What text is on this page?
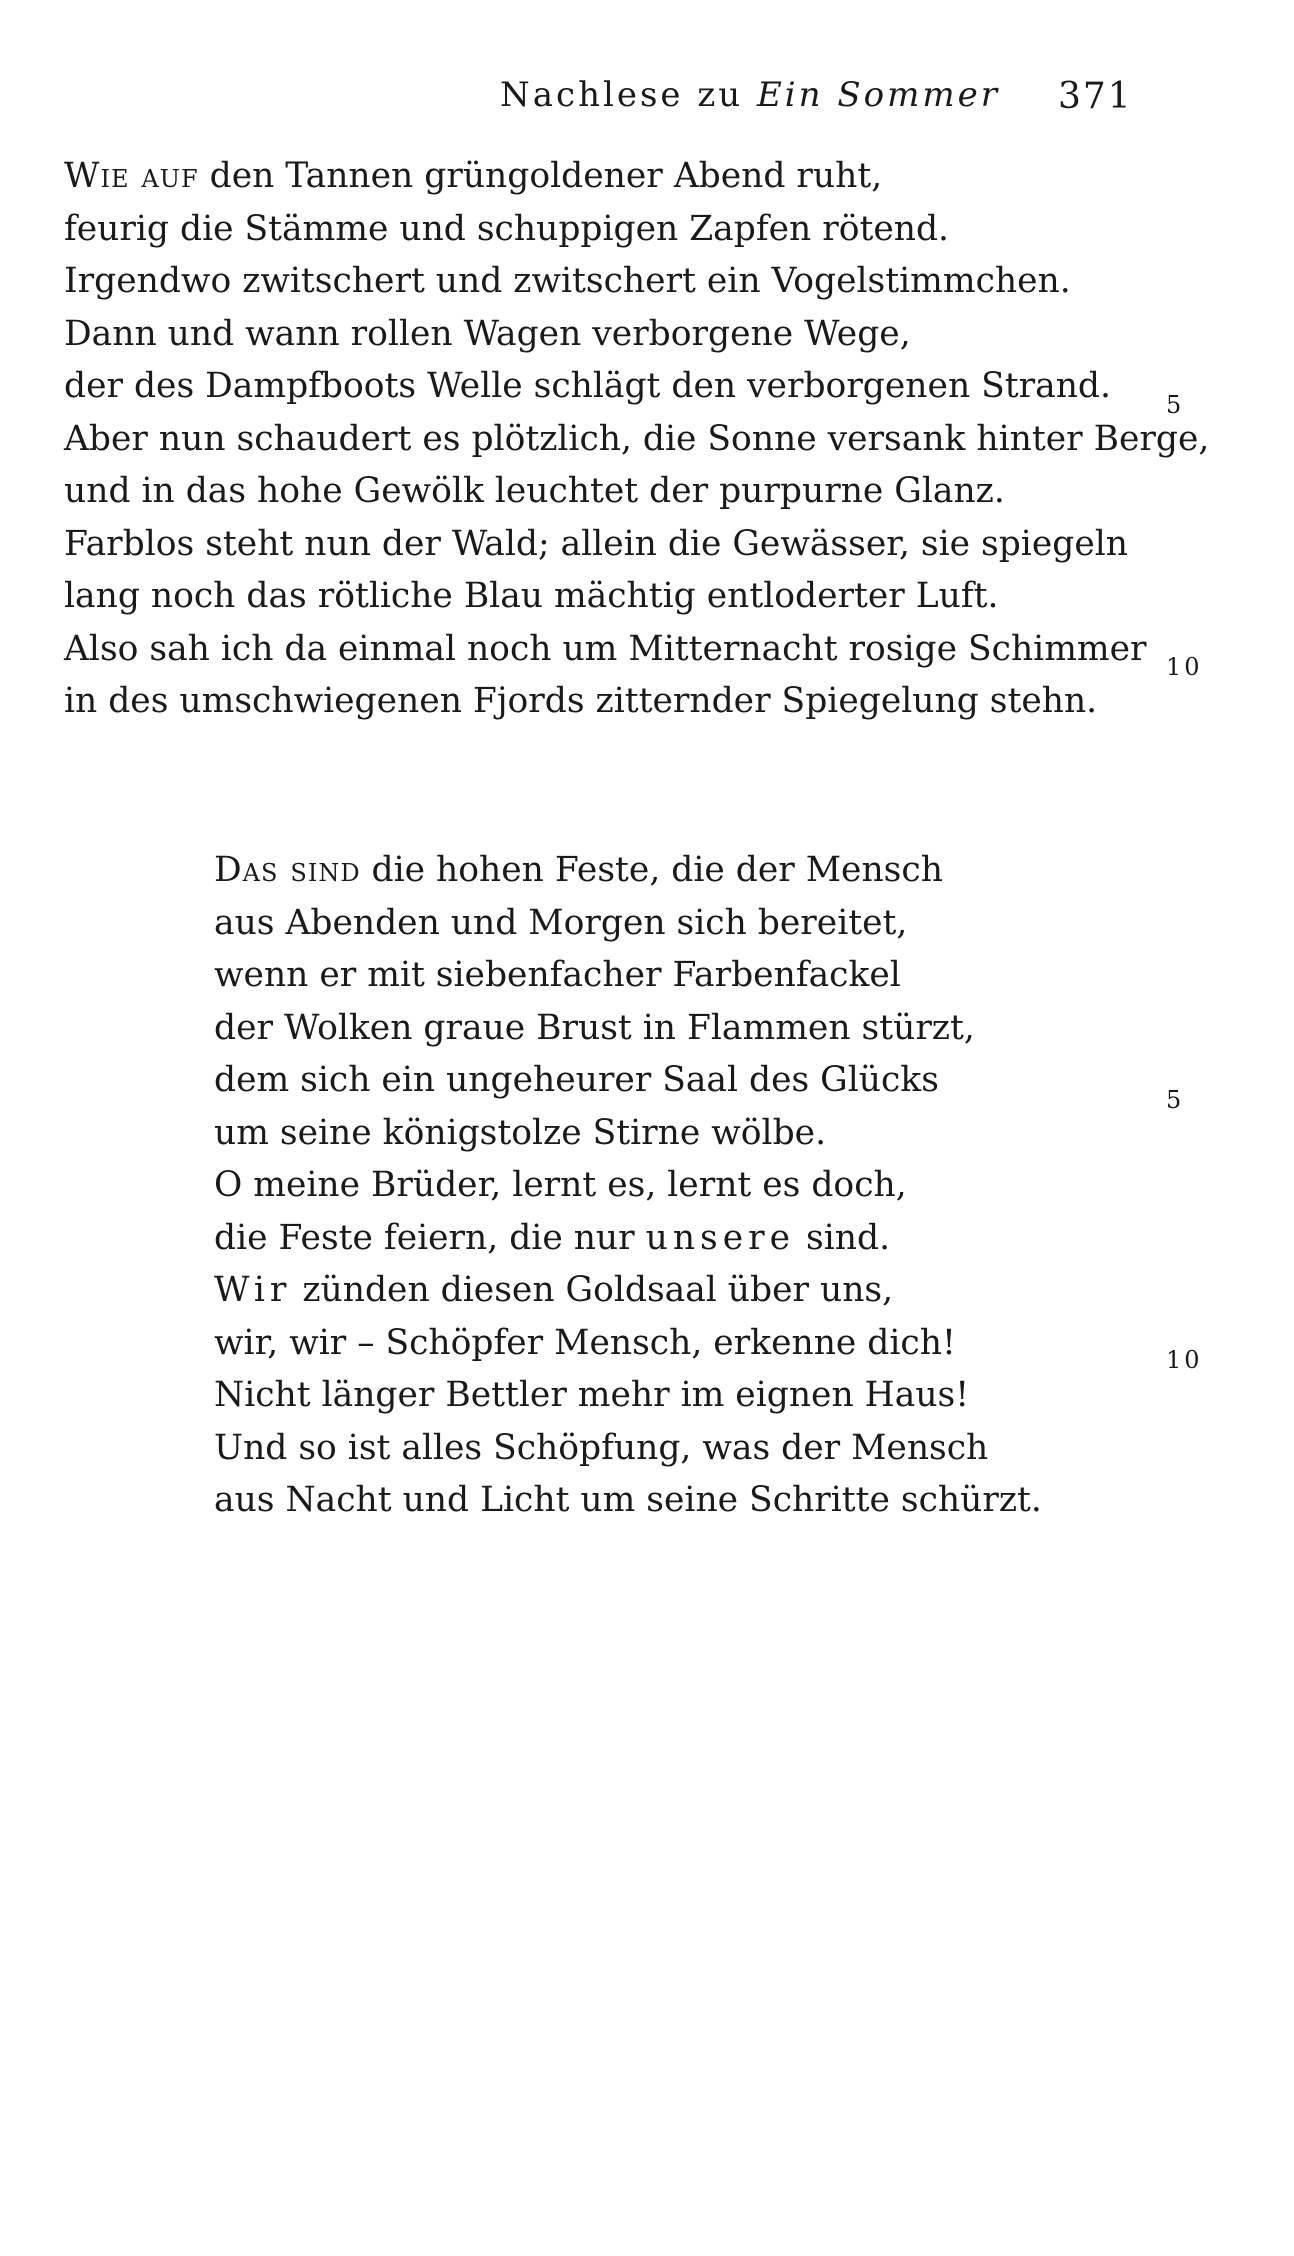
Nachlese zu Ein Sommer 371
Wie auf den Tannen grüngoldener Abend ruht,
feurig die Stämme und schuppigen Zapfen rötend.
Irgendwo zwitschert und zwitschert ein Vogelstimmchen.
Dann und wann rollen Wagen verborgene Wege,
der des Dampfboots Welle schlägt den verborgenen Strand.
Aber nun schaudert es plötzlich, die Sonne versank hinter Berge,
und in das hohe Gewölk leuchtet der purpurne Glanz.
Farblos steht nun der Wald; allein die Gewässer, sie spiegeln
lang noch das rötliche Blau mächtig entloderter Luft.
Also sah ich da einmal noch um Mitternacht rosige Schimmer
in des umschwiegenen Fjords zitternder Spiegelung stehn.
5
10
Das sind die hohen Feste, die der Mensch
aus Abenden und Morgen sich bereitet,
wenn er mit siebenfacher Farbenfackel
der Wolken graue Brust in Flammen stürzt,
dem sich ein ungeheurer Saal des Glücks
um seine königstolze Stirne wölbe.
O meine Brüder, lernt es, lernt es doch,
die Feste feiern, die nur unsere sind.
Wir zünden diesen Goldsaal über uns,
wir, wir – Schöpfer Mensch, erkenne dich!
Nicht länger Bettler mehr im eignen Haus!
Und so ist alles Schöpfung, was der Mensch
aus Nacht und Licht um seine Schritte schürzt.
5
10
